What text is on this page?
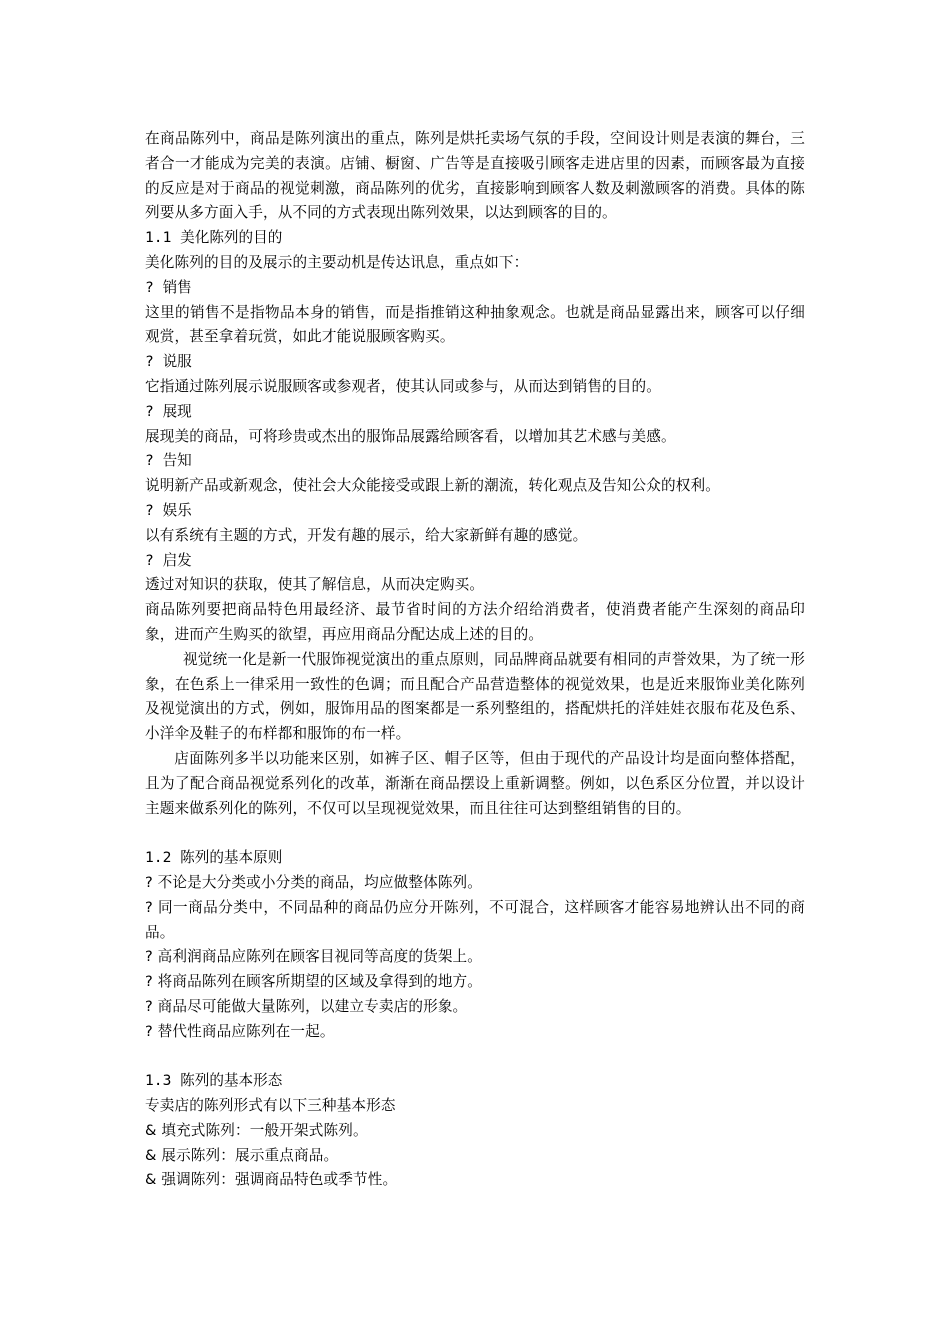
在商品陈列中，商品是陈列演出的重点，陈列是烘托卖场气氛的手段，空间设计则是表演的舞台，三者合一才能成为完美的表演。店铺、橱窗、广告等是直接吸引顾客走进店里的因素，而顾客最为直接的反应是对于商品的视觉刺激，商品陈列的优劣，直接影响到顾客人数及刺激顾客的消费。具体的陈列要从多方面入手，从不同的方式表现出陈列效果，以达到顾客的目的。

1.1 美化陈列的目的

美化陈列的目的及展示的主要动机是传达讯息，重点如下：

? 销售

这里的销售不是指物品本身的销售，而是指推销这种抽象观念。也就是商品显露出来，顾客可以仔细观赏，甚至拿着玩赏，如此才能说服顾客购买。

? 说服

它指通过陈列展示说服顾客或参观者，使其认同或参与，从而达到销售的目的。

? 展现

展现美的商品，可将珍贵或杰出的服饰品展露给顾客看，以增加其艺术感与美感。

? 告知

说明新产品或新观念，使社会大众能接受或跟上新的潮流，转化观点及告知公众的权利。

? 娱乐

以有系统有主题的方式，开发有趣的展示，给大家新鲜有趣的感觉。

? 启发

透过对知识的获取，使其了解信息，从而决定购买。

商品陈列要把商品特色用最经济、最节省时间的方法介绍给消费者，使消费者能产生深刻的商品印象，进而产生购买的欲望，再应用商品分配达成上述的目的。

视觉统一化是新一代服饰视觉演出的重点原则，同品牌商品就要有相同的声誉效果，为了统一形象，在色系上一律采用一致性的色调；而且配合产品营造整体的视觉效果，也是近来服饰业美化陈列及视觉演出的方式，例如，服饰用品的图案都是一系列整组的，搭配烘托的洋娃娃衣服布花及色系、小洋伞及鞋子的布样都和服饰的布一样。

店面陈列多半以功能来区别，如裤子区、帽子区等，但由于现代的产品设计均是面向整体搭配，且为了配合商品视觉系列化的改革，渐渐在商品摆设上重新调整。例如，以色系区分位置，并以设计主题来做系列化的陈列，不仅可以呈现视觉效果，而且往往可达到整组销售的目的。

1.2 陈列的基本原则

? 不论是大分类或小分类的商品，均应做整体陈列。

? 同一商品分类中，不同品种的商品仍应分开陈列，不可混合，这样顾客才能容易地辨认出不同的商品。

? 高利润商品应陈列在顾客目视同等高度的货架上。

? 将商品陈列在顾客所期望的区域及拿得到的地方。

? 商品尽可能做大量陈列，以建立专卖店的形象。

? 替代性商品应陈列在一起。

1.3 陈列的基本形态

专卖店的陈列形式有以下三种基本形态

& 填充式陈列：一般开架式陈列。

& 展示陈列：展示重点商品。

& 强调陈列：强调商品特色或季节性。
